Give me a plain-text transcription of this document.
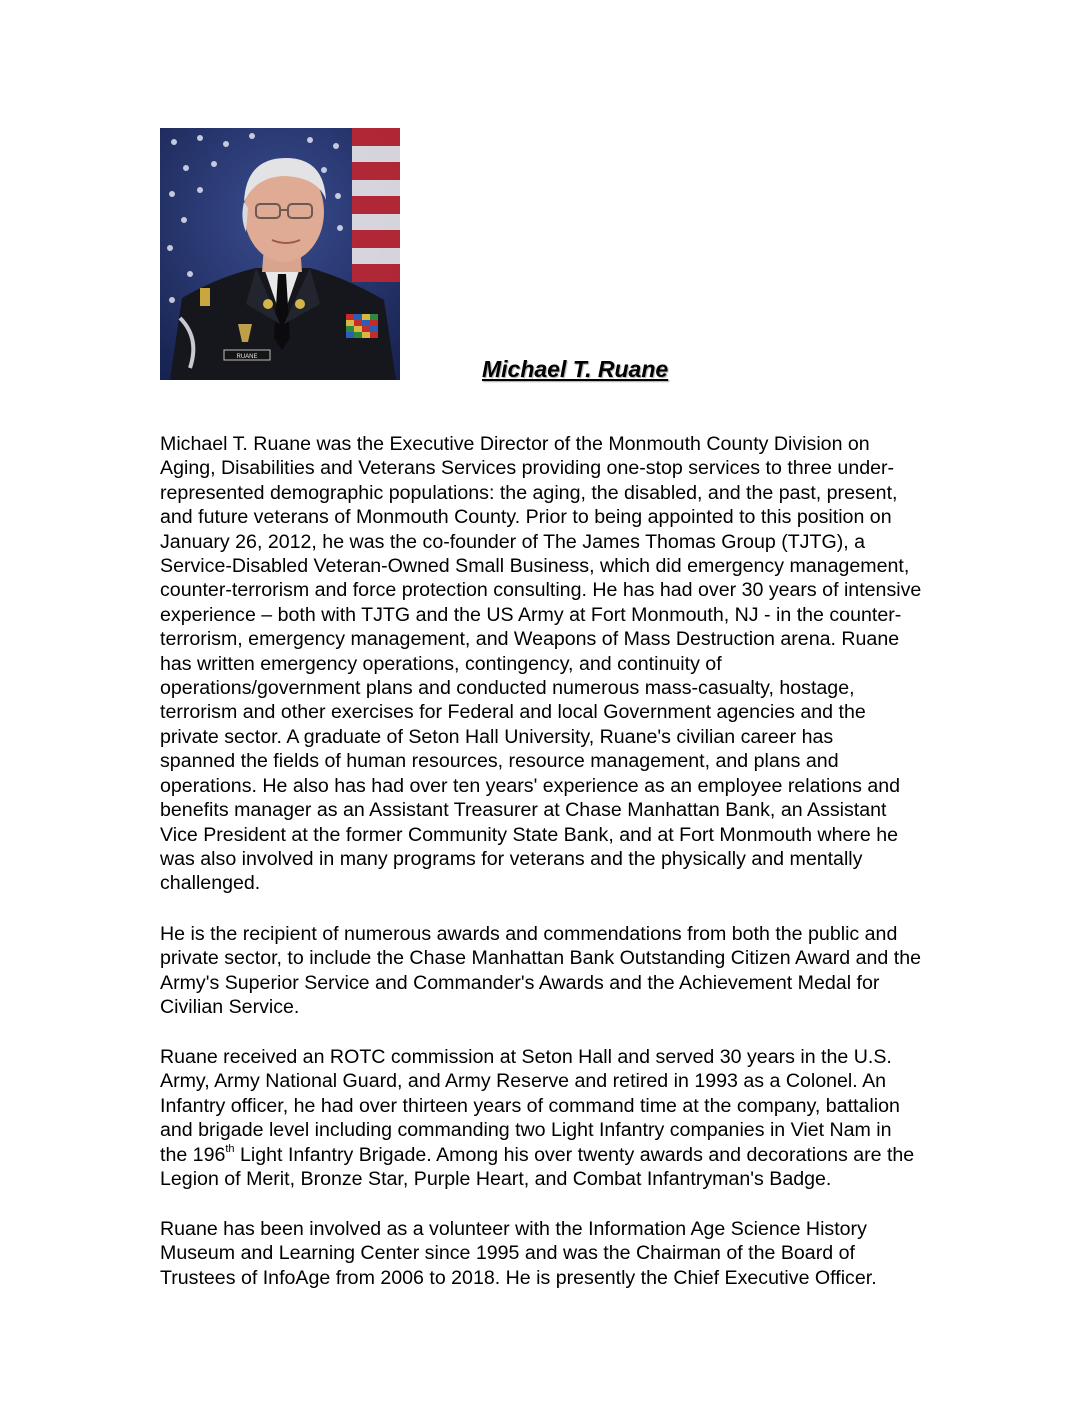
RUANE	Michael T. Ruane
Michael T. Ruane was the Executive Director of the Monmouth County Division on
Aging, Disabilities and Veterans Services providing one-stop services to three under-
represented demographic populations: the aging, the disabled, and the past, present,
and future veterans of Monmouth County. Prior to being appointed to this position on
January 26, 2012, he was the co-founder of The James Thomas Group (TJTG), a
Service-Disabled Veteran-Owned Small Business, which did emergency management,
counter-terrorism and force protection consulting. He has had over 30 years of intensive
experience – both with TJTG and the US Army at Fort Monmouth, NJ - in the counter-
terrorism, emergency management, and Weapons of Mass Destruction arena. Ruane
has written emergency operations, contingency, and continuity of
operations/government plans and conducted numerous mass-casualty, hostage,
terrorism and other exercises for Federal and local Government agencies and the
private sector. A graduate of Seton Hall University, Ruane's civilian career has
spanned the fields of human resources, resource management, and plans and
operations. He also has had over ten years' experience as an employee relations and
benefits manager as an Assistant Treasurer at Chase Manhattan Bank, an Assistant
Vice President at the former Community State Bank, and at Fort Monmouth where he
was also involved in many programs for veterans and the physically and mentally
challenged.
He is the recipient of numerous awards and commendations from both the public and
private sector, to include the Chase Manhattan Bank Outstanding Citizen Award and the
Army's Superior Service and Commander's Awards and the Achievement Medal for
Civilian Service.
Ruane received an ROTC commission at Seton Hall and served 30 years in the U.S.
Army, Army National Guard, and Army Reserve and retired in 1993 as a Colonel. An
Infantry officer, he had over thirteen years of command time at the company, battalion
and brigade level including commanding two Light Infantry companies in Viet Nam in
the 196th Light Infantry Brigade. Among his over twenty awards and decorations are the
Legion of Merit, Bronze Star, Purple Heart, and Combat Infantryman's Badge.
Ruane has been involved as a volunteer with the Information Age Science History
Museum and Learning Center since 1995 and was the Chairman of the Board of
Trustees of InfoAge from 2006 to 2018. He is presently the Chief Executive Officer.
